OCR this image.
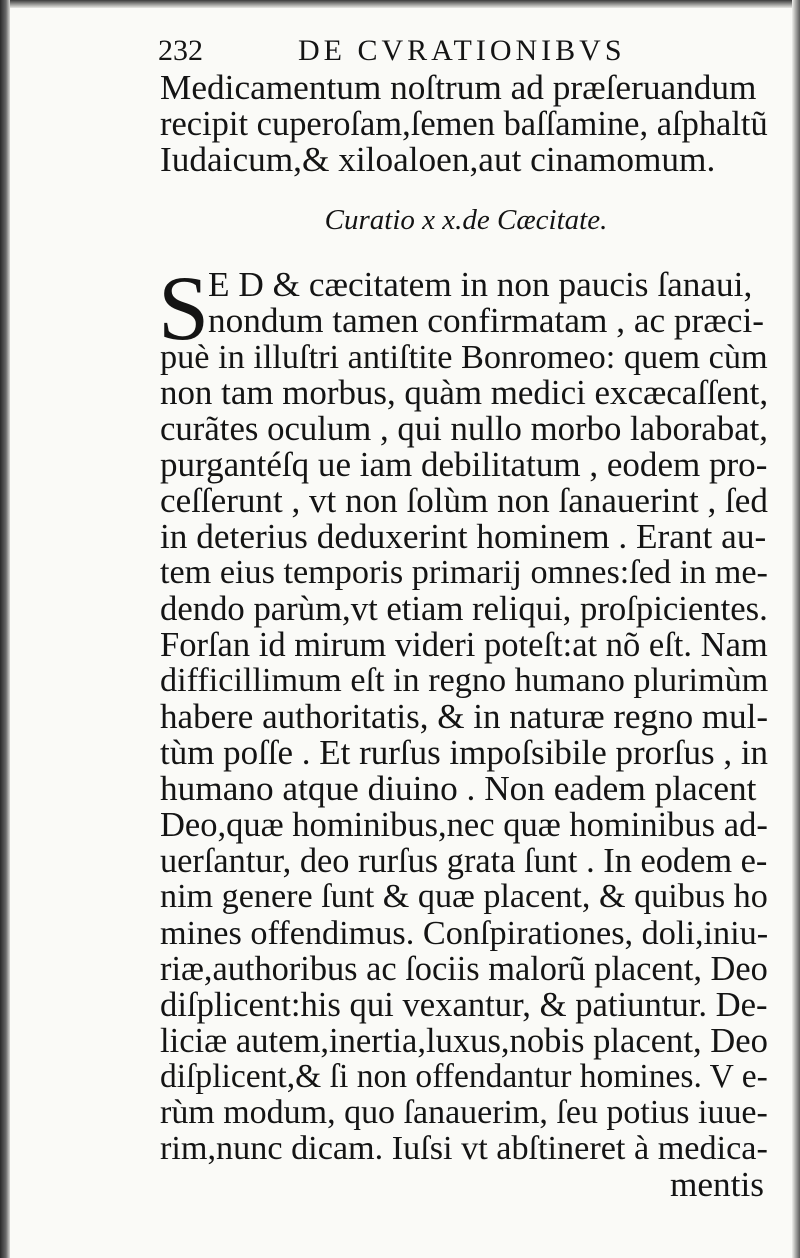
232	DE CVRATIONIBVS
Medicamentum noſtrum ad præſeruandum
recipit cuperoſam,ſemen baſſamine, aſphaltũ
Iudaicum,& xiloaloen,aut cinamomum.
Curatio x x.de Cæcitate.
S
E D & cæcitatem in non paucis ſanaui,
nondum tamen confirmatam , ac præci-
puè in illuſtri antiſtite Bonromeo: quem cùm
non tam morbus, quàm medici excæcaſſent,
curãtes oculum , qui nullo morbo laborabat,
purgantéſq ue iam debilitatum , eodem pro-
ceſſerunt , vt non ſolùm non ſanauerint , ſed
in deterius deduxerint hominem . Erant au-
tem eius temporis primarij omnes:ſed in me-
dendo parùm,vt etiam reliqui, proſpicientes.
Forſan id mirum videri poteſt:at nõ eſt. Nam
difficillimum eſt in regno humano plurimùm
habere authoritatis, & in naturæ regno mul-
tùm poſſe . Et rurſus impoſsibile prorſus , in
humano atque diuino . Non eadem placent
Deo,quæ hominibus,nec quæ hominibus ad-
uerſantur, deo rurſus grata ſunt . In eodem e-
nim genere ſunt & quæ placent, & quibus ho
mines offendimus. Conſpirationes, doli,iniu-
riæ,authoribus ac ſociis malorũ placent, Deo
diſplicent:his qui vexantur, & patiuntur. De-
liciæ autem,inertia,luxus,nobis placent, Deo
diſplicent,& ſi non offendantur homines. V e-
rùm modum, quo ſanauerim, ſeu potius iuue-
rim,nunc dicam. Iuſsi vt abſtineret à medica-
mentis
